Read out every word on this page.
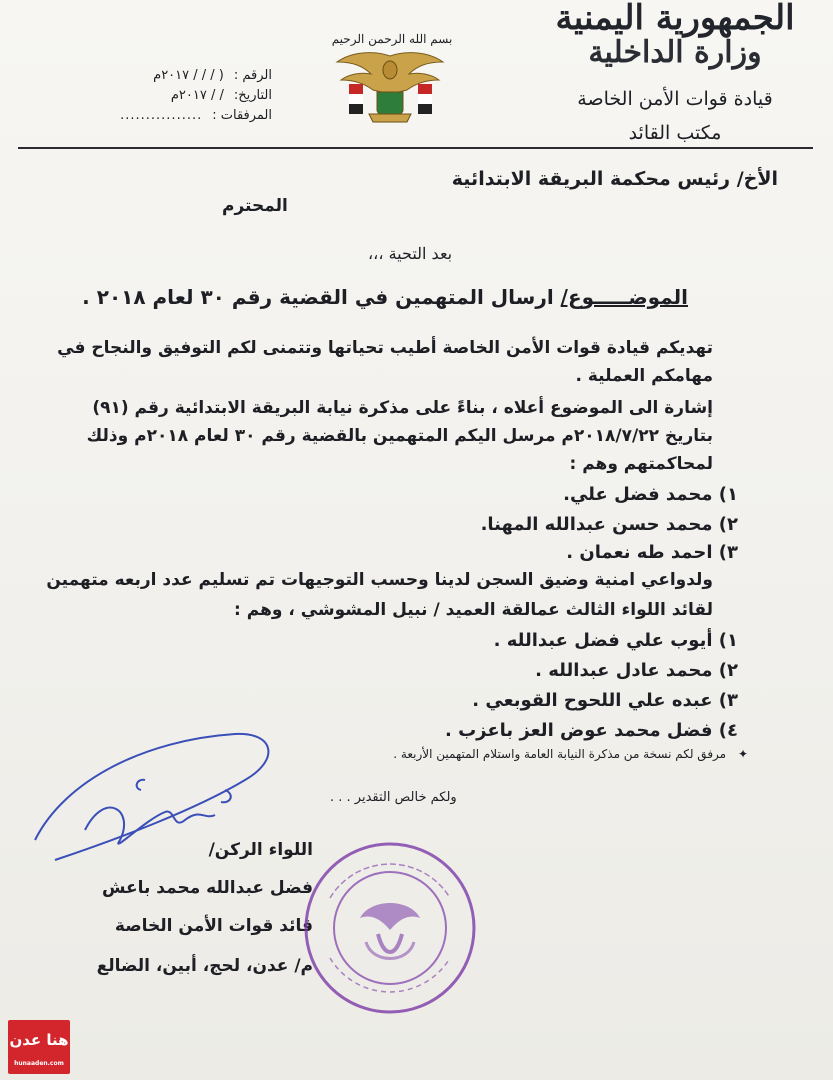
الجمهورية اليمنية
وزارة الداخلية
قيادة قوات الأمن الخاصة
مكتب القائد
بسم الله الرحمن الرحيم
الرقم :
( / / / ٢٠١٧م
التاريخ:
/ / ٢٠١٧م
المرفقات :
................
الأخ/ رئيس محكمة البريقة الابتدائية
المحترم
بعد التحية ،،،
الموضـــــوع/ ارسال المتهمين في القضية رقم ٣٠ لعام ٢٠١٨ .
تهديكم قيادة قوات الأمن الخاصة أطيب تحياتها وتتمنى لكم التوفيق والنجاح في
مهامكم العملية .
إشارة الى الموضوع أعلاه ، بناءً على مذكرة نيابة البريقة الابتدائية رقم (٩١)
بتاريخ ٢٠١٨/٧/٢٢م مرسل اليكم المتهمين بالقضية رقم ٣٠ لعام ٢٠١٨م وذلك
لمحاكمتهم وهم :
١) محمد فضل علي.
٢) محمد حسن عبدالله المهنا.
٣) احمد طه نعمان .
ولدواعي امنية وضيق السجن لدينا وحسب التوجيهات تم تسليم عدد اربعه متهمين
لقائد اللواء الثالث عمالقة العميد / نبيل المشوشي ، وهم :
١) أيوب علي فضل عبدالله .
٢) محمد عادل عبدالله .
٣) عبده علي اللحوح القوبعي .
٤) فضل محمد عوض العز باعزب .
✦ مرفق لكم نسخة من مذكرة النيابة العامة واستلام المتهمين الأربعة .
ولكم خالص التقدير . . .
اللواء الركن/
فضل عبدالله محمد باعش
قائد قوات الأمن الخاصة
م/ عدن، لحج، أبين، الضالع
هنا عدن
hunaaden.com
